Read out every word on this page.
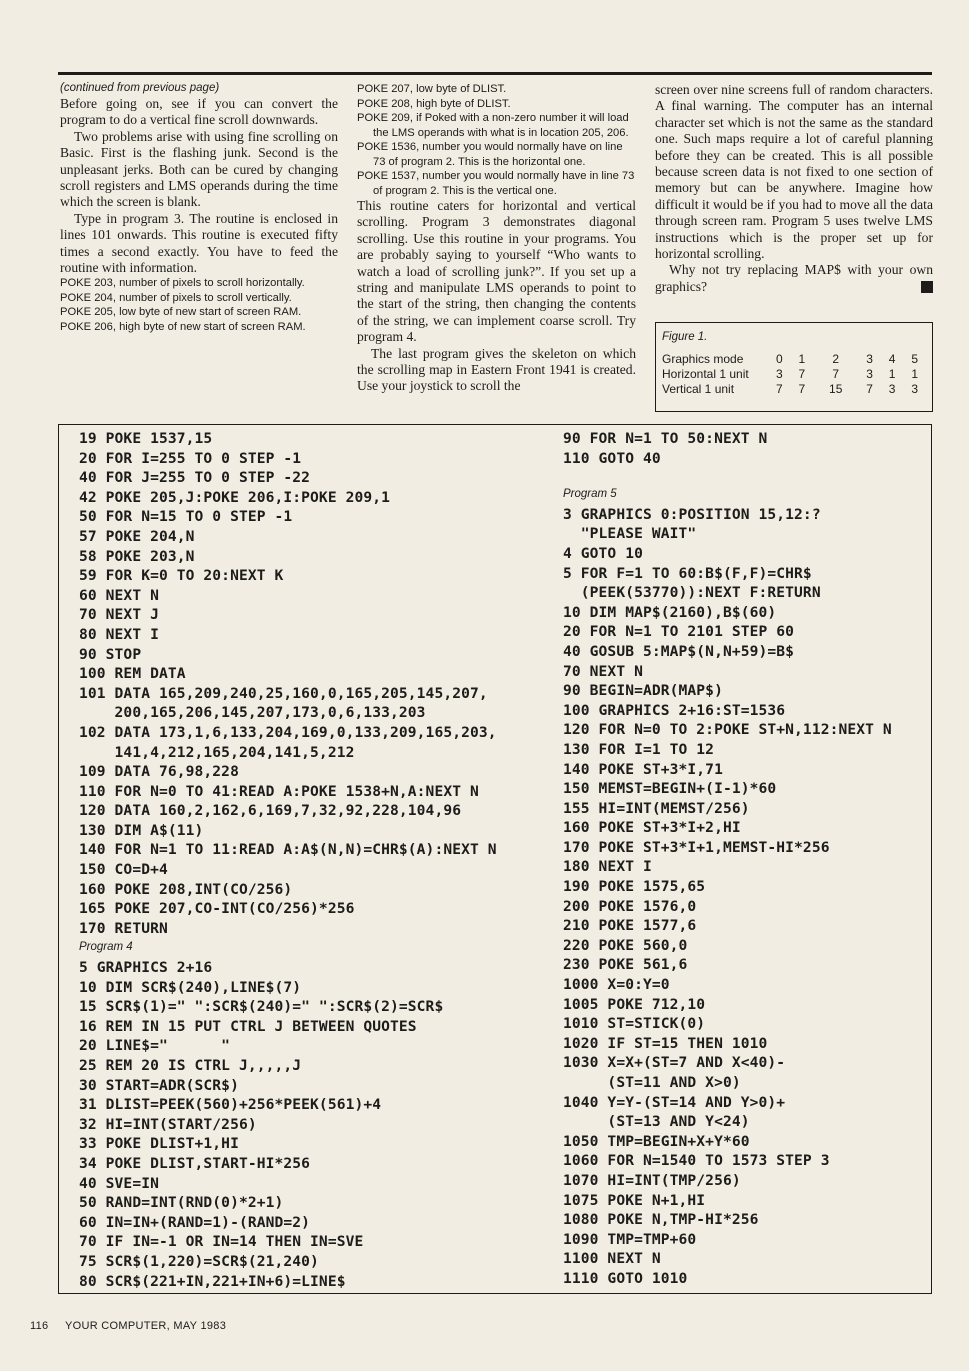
(continued from previous page)

Before going on, see if you can convert the program to do a vertical fine scroll downwards.

Two problems arise with using fine scrolling on Basic. First is the flashing junk. Second is the unpleasant jerks. Both can be cured by changing scroll registers and LMS operands during the time which the screen is blank.

Type in program 3. The routine is enclosed in lines 101 onwards. This routine is executed fifty times a second exactly. You have to feed the routine with information.

POKE 203, number of pixels to scroll horizontally.

POKE 204, number of pixels to scroll vertically.

POKE 205, low byte of new start of screen RAM.

POKE 206, high byte of new start of screen RAM.

POKE 207, low byte of DLIST.

POKE 208, high byte of DLIST.

POKE 209, if Poked with a non-zero number it will load the LMS operands with what is in location 205, 206.

POKE 1536, number you would normally have on line 73 of program 2. This is the horizontal one.

POKE 1537, number you would normally have in line 73 of program 2. This is the vertical one.

This routine caters for horizontal and vertical scrolling. Program 3 demonstrates diagonal scrolling. Use this routine in your programs. You are probably saying to yourself “Who wants to watch a load of scrolling junk?”. If you set up a string and manipulate LMS operands to point to the start of the string, then changing the contents of the string, we can implement coarse scroll. Try program 4.

The last program gives the skeleton on which the scrolling map in Eastern Front 1941 is created. Use your joystick to scroll the

screen over nine screens full of random characters. A final warning. The computer has an internal character set which is not the same as the standard one. Such maps require a lot of careful planning before they can be created. This is all possible because screen data is not fixed to one section of memory but can be anywhere. Imagine how difficult it would be if you had to move all the data through screen ram. Program 5 uses twelve LMS instructions which is the proper set up for horizontal scrolling.

Why not try replacing MAP$ with your own graphics?

Figure 1.

Graphics mode	0	1	2	3	4	5
Horizontal 1 unit	3	7	7	3	1	1
Vertical 1 unit	7	7	15	7	3	3
19 POKE 1537,15
20 FOR I=255 TO 0 STEP -1
40 FOR J=255 TO 0 STEP -22
42 POKE 205,J:POKE 206,I:POKE 209,1
50 FOR N=15 TO 0 STEP -1
57 POKE 204,N
58 POKE 203,N
59 FOR K=0 TO 20:NEXT K
60 NEXT N
70 NEXT J
80 NEXT I
90 STOP
100 REM DATA
101 DATA 165,209,240,25,160,0,165,205,145,207,
200,165,206,145,207,173,0,6,133,203
102 DATA 173,1,6,133,204,169,0,133,209,165,203,
141,4,212,165,204,141,5,212
109 DATA 76,98,228
110 FOR N=0 TO 41:READ A:POKE 1538+N,A:NEXT N
120 DATA 160,2,162,6,169,7,32,92,228,104,96
130 DIM A$(11)
140 FOR N=1 TO 11:READ A:A$(N,N)=CHR$(A):NEXT N
150 CO=D+4
160 POKE 208,INT(CO/256)
165 POKE 207,CO-INT(CO/256)*256
170 RETURN

Program 4

5 GRAPHICS 2+16
10 DIM SCR$(240),LINE$(7)
15 SCR$(1)=" ":SCR$(240)=" ":SCR$(2)=SCR$
16 REM IN 15 PUT CTRL J BETWEEN QUOTES
20 LINE$="      "
25 REM 20 IS CTRL J,,,,,J
30 START=ADR(SCR$)
31 DLIST=PEEK(560)+256*PEEK(561)+4
32 HI=INT(START/256)
33 POKE DLIST+1,HI
34 POKE DLIST,START-HI*256
40 SVE=IN
50 RAND=INT(RND(0)*2+1)
60 IN=IN+(RAND=1)-(RAND=2)
70 IF IN=-1 OR IN=14 THEN IN=SVE
75 SCR$(1,220)=SCR$(21,240)
80 SCR$(221+IN,221+IN+6)=LINE$
90 FOR N=1 TO 50:NEXT N
110 GOTO 40

Program 5

3 GRAPHICS 0:POSITION 15,12:?
"PLEASE WAIT"
4 GOTO 10
5 FOR F=1 TO 60:B$(F,F)=CHR$
(PEEK(53770)):NEXT F:RETURN
10 DIM MAP$(2160),B$(60)
20 FOR N=1 TO 2101 STEP 60
40 GOSUB 5:MAP$(N,N+59)=B$
70 NEXT N
90 BEGIN=ADR(MAP$)
100 GRAPHICS 2+16:ST=1536
120 FOR N=0 TO 2:POKE ST+N,112:NEXT N
130 FOR I=1 TO 12
140 POKE ST+3*I,71
150 MEMST=BEGIN+(I-1)*60
155 HI=INT(MEMST/256)
160 POKE ST+3*I+2,HI
170 POKE ST+3*I+1,MEMST-HI*256
180 NEXT I
190 POKE 1575,65
200 POKE 1576,0
210 POKE 1577,6
220 POKE 560,0
230 POKE 561,6
1000 X=0:Y=0
1005 POKE 712,10
1010 ST=STICK(0)
1020 IF ST=15 THEN 1010
1030 X=X+(ST=7 AND X<40)-
(ST=11 AND X>0)
1040 Y=Y-(ST=14 AND Y>0)+
(ST=13 AND Y<24)
1050 TMP=BEGIN+X+Y*60
1060 FOR N=1540 TO 1573 STEP 3
1070 HI=INT(TMP/256)
1075 POKE N+1,HI
1080 POKE N,TMP-HI*256
1090 TMP=TMP+60
1100 NEXT N
1110 GOTO 1010
116 YOUR COMPUTER, MAY 1983
